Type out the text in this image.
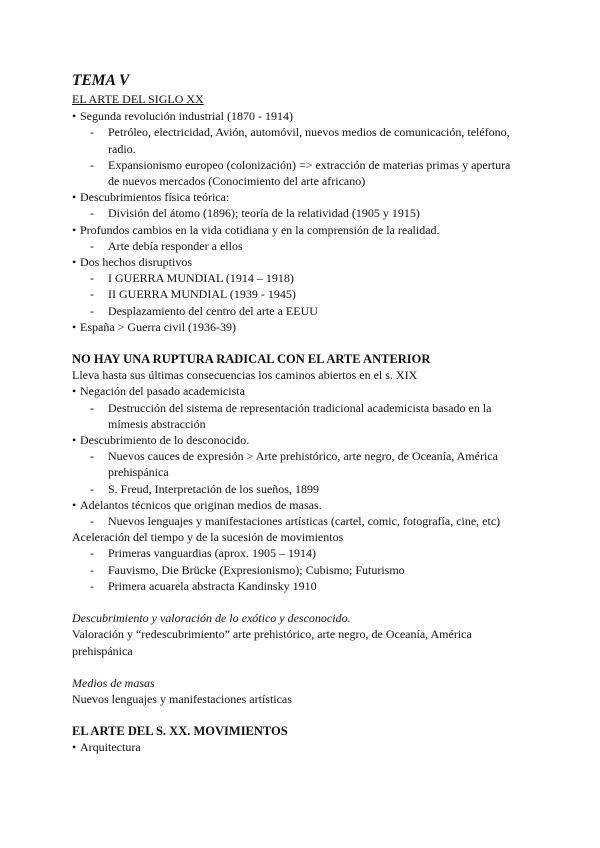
TEMA V
EL ARTE DEL SIGLO XX
• Segunda revolución industrial (1870 - 1914)
- Petróleo, electricidad, Avión, automóvil, nuevos medios de comunicación, teléfono, radio.
- Expansionismo europeo (colonización) => extracción de materias primas y apertura de nuevos mercados (Conocimiento del arte africano)
• Descubrimientos física teórica:
- División del átomo (1896); teoría de la relatividad (1905 y 1915)
• Profundos cambios en la vida cotidiana y en la comprensión de la realidad.
- Arte debía responder a ellos
• Dos hechos disruptivos
- I GUERRA MUNDIAL (1914 – 1918)
- II GUERRA MUNDIAL (1939 - 1945)
- Desplazamiento del centro del arte a EEUU
• España > Guerra civil (1936-39)
NO HAY UNA RUPTURA RADICAL CON EL ARTE ANTERIOR
Lleva hasta sus últimas consecuencias los caminos abiertos en el s. XIX
• Negación del pasado academicista
- Destrucción del sistema de representación tradicional academicista basado en la mímesis abstracción
• Descubrimiento de lo desconocido.
- Nuevos cauces de expresión > Arte prehistórico, arte negro, de Oceanía, América prehispánica
- S. Freud, Interpretación de los sueños, 1899
• Adelantos técnicos que originan medios de masas.
- Nuevos lenguajes y manifestaciones artísticas (cartel, comic, fotografía, cine, etc)
Aceleración del tiempo y de la sucesión de movimientos
- Primeras vanguardias (aprox. 1905 – 1914)
- Fauvismo, Die Brücke (Expresionismo); Cubismo; Futurismo
- Primera acuarela abstracta Kandinsky 1910
Descubrimiento y valoración de lo exótico y desconocido.
Valoración y “redescubrimiento” arte prehistórico, arte negro, de Oceanía, América prehispánica
Medios de masas
Nuevos lenguajes y manifestaciones artísticas
EL ARTE DEL S. XX. MOVIMIENTOS
• Arquitectura
